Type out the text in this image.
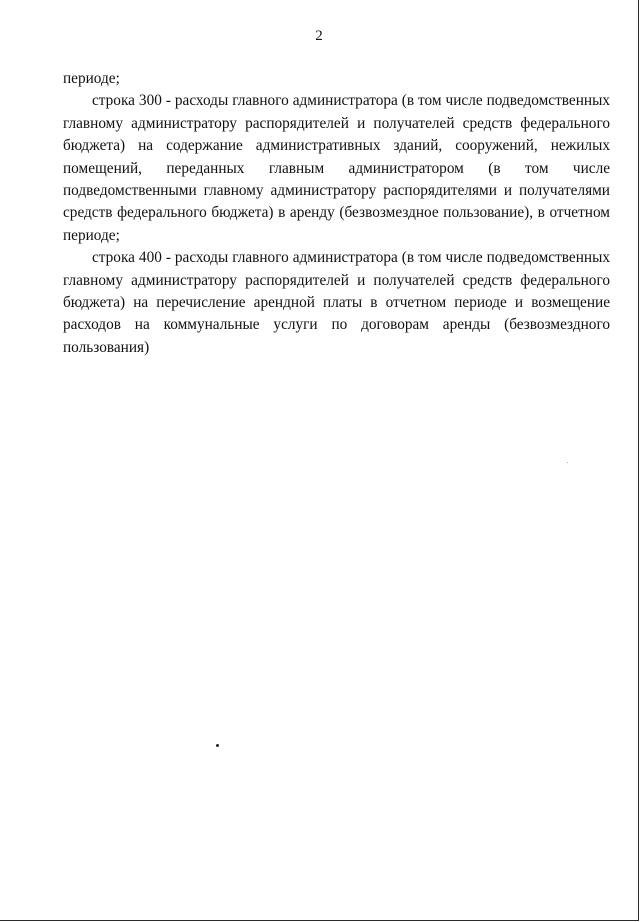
2
периоде;
строка 300 - расходы главного администратора (в том числе подведомственных
главному администратору распорядителей и получателей средств федерального
бюджета) на содержание административных зданий, сооружений, нежилых
помещений, переданных главным администратором (в том числе
подведомственными главному администратору распорядителями и получателями
средств федерального бюджета) в аренду (безвозмездное пользование), в отчетном
периоде;
строка 400 - расходы главного администратора (в том числе подведомственных
главному администратору распорядителей и получателей средств федерального
бюджета) на перечисление арендной платы в отчетном периоде и возмещение
расходов на коммунальные услуги по договорам аренды (безвозмездного
пользования)
